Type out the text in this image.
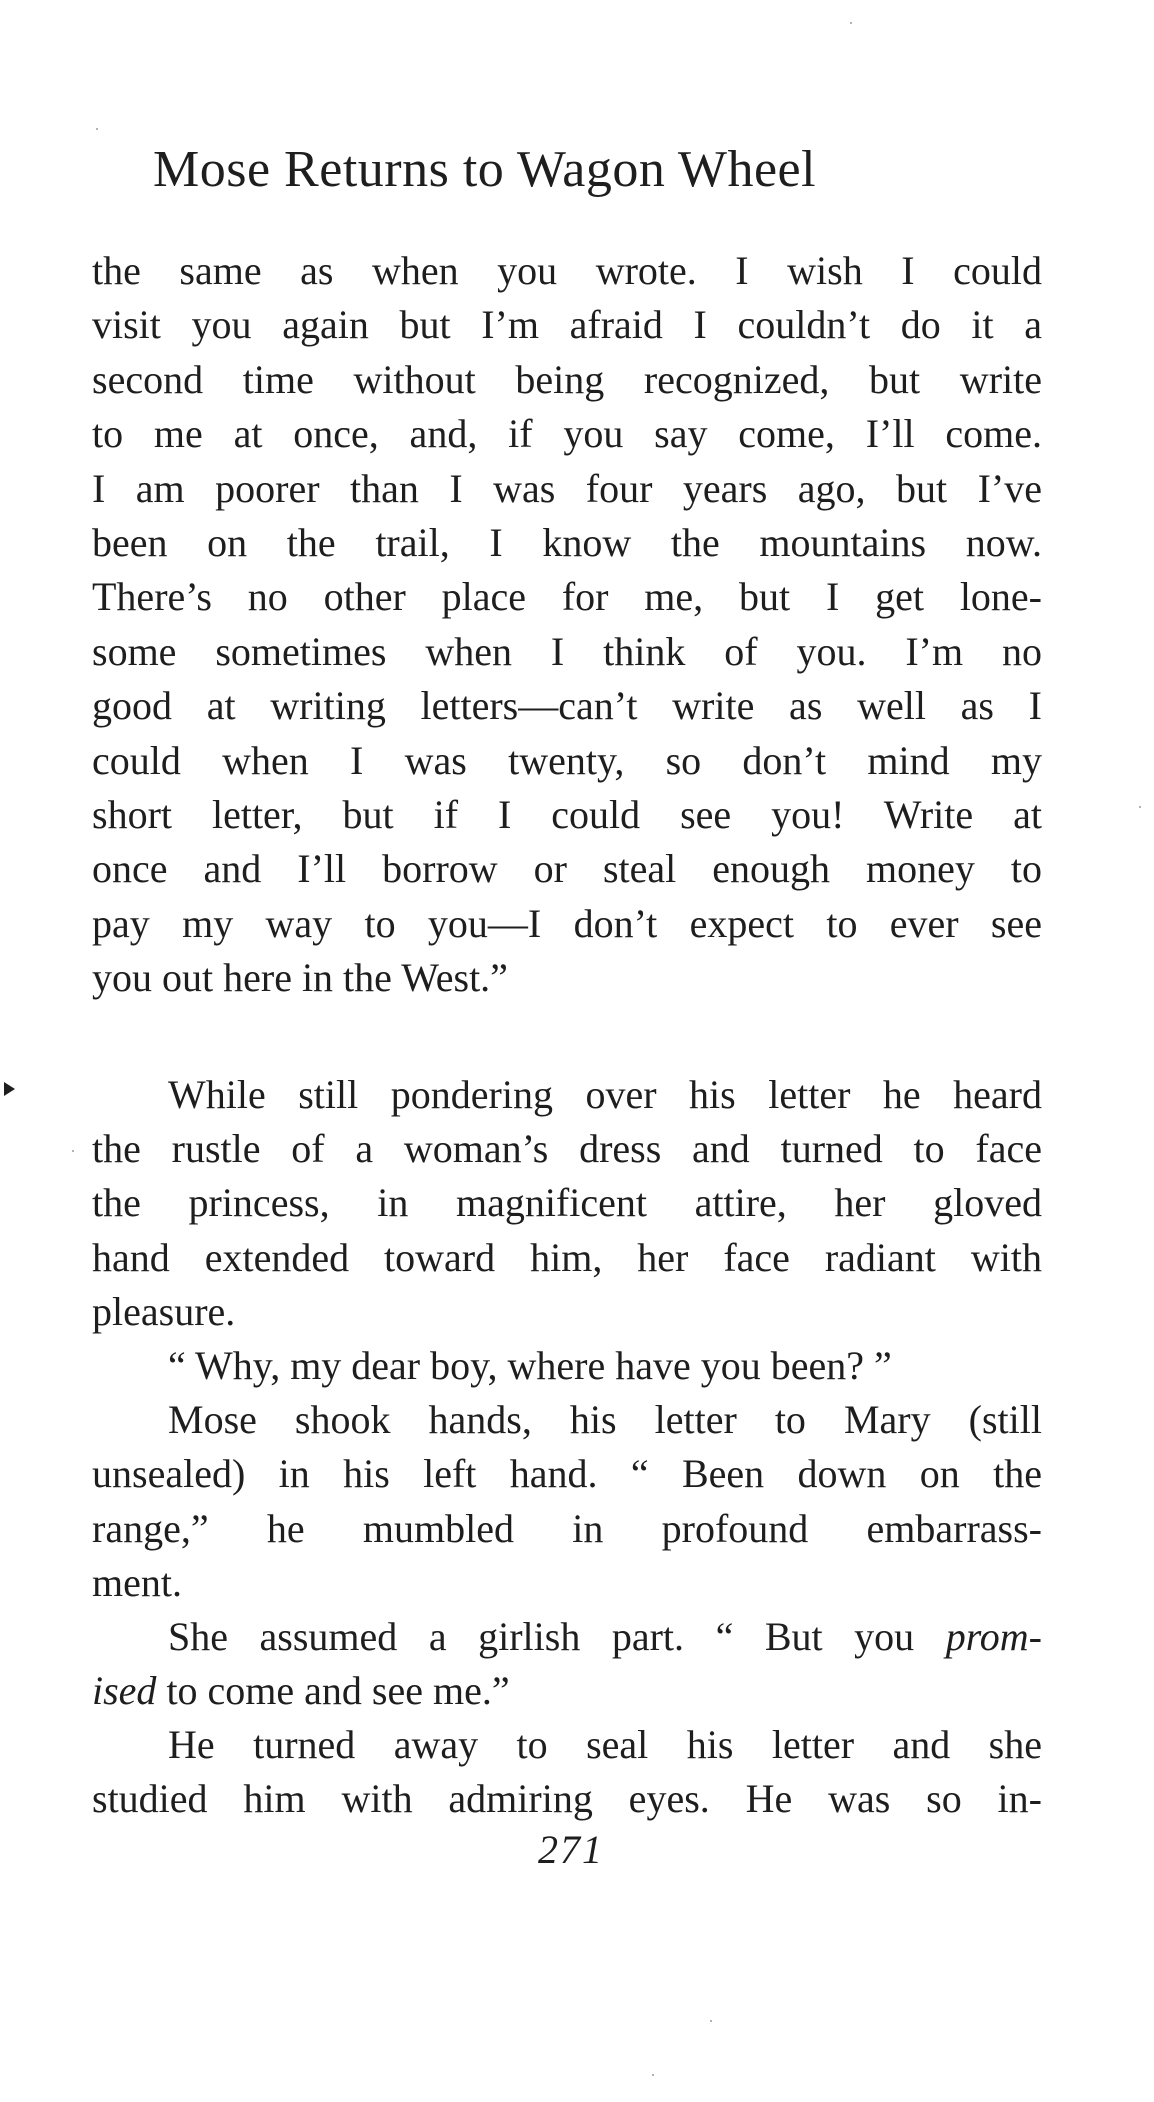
Mose Returns to Wagon Wheel
the same as when you wrote. I wish I could
visit you again but I’m afraid I couldn’t do it a
second time without being recognized, but write
to me at once, and, if you say come, I’ll come.
I am poorer than I was four years ago, but I’ve
been on the trail, I know the mountains now.
There’s no other place for me, but I get lone-
some sometimes when I think of you. I’m no
good at writing letters—can’t write as well as I
could when I was twenty, so don’t mind my
short letter, but if I could see you! Write at
once and I’ll borrow or steal enough money to
pay my way to you—I don’t expect to ever see
you out here in the West.”
While still pondering over his letter he heard
the rustle of a woman’s dress and turned to face
the princess, in magnificent attire, her gloved
hand extended toward him, her face radiant with
pleasure.
“ Why, my dear boy, where have you been? ”
Mose shook hands, his letter to Mary (still
unsealed) in his left hand. “ Been down on the
range,” he mumbled in profound embarrass-
ment.
She assumed a girlish part. “ But you prom-
ised to come and see me.”
He turned away to seal his letter and she
studied him with admiring eyes. He was so in-
271
